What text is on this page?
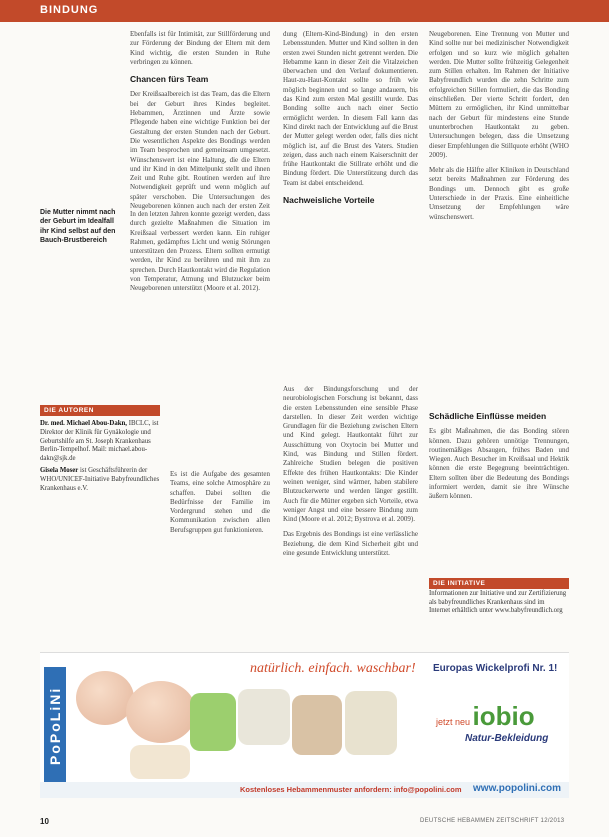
BINDUNG
Die Mutter nimmt nach der Geburt im Idealfall ihr Kind selbst auf den Bauch-Brustbereich

Ebenfalls ist für Intimität, zur Stillförderung und zur Förderung der Bindung der Eltern mit dem Kind wichtig, die ersten Stunden in Ruhe verbringen zu können.

Chancen fürs Team

Der Kreißsaalbereich ist das Team, das die Eltern bei der Geburt ihres Kindes begleitet. Hebammen, Ärztinnen und Ärzte sowie Pflegende haben eine wichtige Funktion bei der Gestaltung der ersten Stunden nach der Geburt. Die wesentlichen Aspekte des Bondings werden im Team besprochen und gemeinsam umgesetzt. Wünschenswert ist eine Haltung, die die Eltern und ihr Kind in den Mittelpunkt stellt und ihnen Zeit und Ruhe gibt. Routinen werden auf ihre Notwendigkeit geprüft und wenn möglich auf später verschoben. Die Untersuchungen des Neugeborenen können auch nach der ersten Zeit

In den letzten Jahren konnte gezeigt werden, dass durch gezielte Maßnahmen die Situation im Kreißsaal verbessert werden kann. Ein ruhiger Rahmen, gedämpftes Licht und wenig Störungen unterstützen den Prozess. Eltern sollten ermutigt werden, ihr Kind zu berühren und mit ihm zu sprechen. Durch Hautkontakt wird die Regulation von Temperatur, Atmung und Blutzucker beim Neugeborenen unterstützt (Moore et al. 2012).

Es ist die Aufgabe des gesamten Teams, eine solche Atmosphäre zu schaffen. Dabei sollten die Bedürfnisse der Familie im Vordergrund stehen und die Kommunikation zwischen allen Berufsgruppen gut funktionieren.

DIE AUTOREN

Dr. med. Michael Abou-Dakn, IBCLC, ist Direktor der Klinik für Gynäkologie und Geburtshilfe am St. Joseph Krankenhaus Berlin-Tempelhof. Mail: michael.abou-dakn@sjk.de

Gisela Moser ist Geschäftsführerin der WHO/UNICEF-Initiative Babyfreundliches Krankenhaus e.V.

dung (Eltern-Kind-Bindung) in den ersten Lebensstunden. Mutter und Kind sollten in den ersten zwei Stunden nicht getrennt werden. Die Hebamme kann in dieser Zeit die Vitalzeichen überwachen und den Verlauf dokumentieren. Haut-zu-Haut-Kontakt sollte so früh wie möglich beginnen und so lange andauern, bis das Kind zum ersten Mal gestillt wurde. Das Bonding sollte auch nach einer Sectio ermöglicht werden. In diesem Fall kann das Kind direkt nach der Entwicklung auf die Brust der Mutter gelegt werden oder, falls dies nicht möglich ist, auf die Brust des Vaters. Studien zeigen, dass auch nach einem Kaiserschnitt der frühe Hautkontakt die Stillrate erhöht und die Bindung fördert. Die Unterstützung durch das Team ist dabei entscheidend.

Nachweisliche Vorteile

Aus der Bindungsforschung und der neurobiologischen Forschung ist bekannt, dass die ersten Lebensstunden eine sensible Phase darstellen. In dieser Zeit werden wichtige Grundlagen für die Beziehung zwischen Eltern und Kind gelegt. Hautkontakt führt zur Ausschüttung von Oxytocin bei Mutter und Kind, was Bindung und Stillen fördert. Zahlreiche Studien belegen die positiven Effekte des frühen Hautkontakts: Die Kinder weinen weniger, sind wärmer, haben stabilere Blutzuckerwerte und werden länger gestillt. Auch für die Mütter ergeben sich Vorteile, etwa weniger Angst und eine bessere Bindung zum Kind (Moore et al. 2012; Bystrova et al. 2009).

Das Ergebnis des Bondings ist eine verlässliche Beziehung, die dem Kind Sicherheit gibt und eine gesunde Entwicklung unterstützt.

Neugeborenen. Eine Trennung von Mutter und Kind sollte nur bei medizinischer Notwendigkeit erfolgen und so kurz wie möglich gehalten werden. Die Mutter sollte frühzeitig Gelegenheit zum Stillen erhalten. Im Rahmen der Initiative Babyfreundlich wurden die zehn Schritte zum erfolgreichen Stillen formuliert, die das Bonding einschließen. Der vierte Schritt fordert, den Müttern zu ermöglichen, ihr Kind unmittelbar nach der Geburt für mindestens eine Stunde ununterbrochen Hautkontakt zu geben. Untersuchungen belegen, dass die Umsetzung dieser Empfehlungen die Stillquote erhöht (WHO 2009).

Mehr als die Hälfte aller Kliniken in Deutschland setzt bereits Maßnahmen zur Förderung des Bondings um. Dennoch gibt es große Unterschiede in der Praxis. Eine einheitliche Umsetzung der Empfehlungen wäre wünschenswert.

Schädliche Einflüsse meiden

Es gibt Maßnahmen, die das Bonding stören können. Dazu gehören unnötige Trennungen, routinemäßiges Absaugen, frühes Baden und Wiegen. Auch Besucher im Kreißsaal und Hektik können die erste Begegnung beeinträchtigen. Eltern sollten über die Bedeutung des Bondings informiert werden, damit sie ihre Wünsche äußern können.

DIE INITIATIVE
Informationen zur Initiative und zur Zertifizierung als babyfreundliches Krankenhaus sind im Internet erhältlich unter www.babyfreundlich.org
PoPoLiNi
natürlich. einfach. waschbar! Europas Wickelprofi Nr. 1!
jetzt neu iobio
Natur-Bekleidung
Kostenloses Hebammenmuster anfordern: info@popolini.com www.popolini.com
10	DEUTSCHE HEBAMMEN ZEITSCHRIFT 12/2013
